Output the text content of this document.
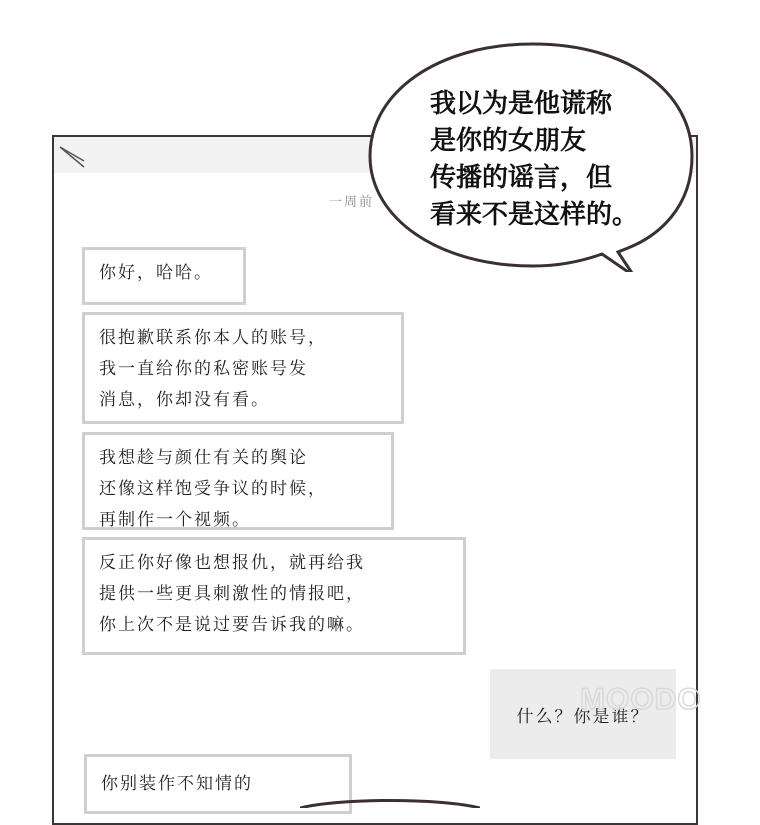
一周前
你好，哈哈。
很抱歉联系你本人的账号，
我一直给你的私密账号发
消息，你却没有看。
我想趁与颜仕有关的舆论
还像这样饱受争议的时候，
再制作一个视频。
反正你好像也想报仇，就再给我
提供一些更具刺激性的情报吧，
你上次不是说过要告诉我的嘛。
什么？你是谁？
你别装作不知情的
MOODO
我以为是他谎称
是你的女朋友
传播的谣言，但
看来不是这样的。
